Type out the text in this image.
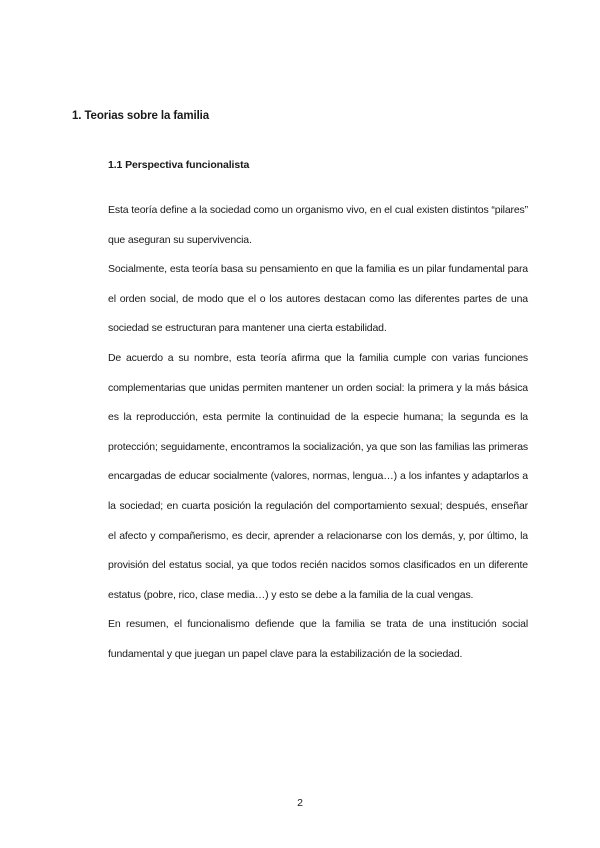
1. Teorias sobre la familia
1.1 Perspectiva funcionalista

Esta teoría define a la sociedad como un organismo vivo, en el cual existen distintos “pilares” que aseguran su supervivencia.

Socialmente, esta teoría basa su pensamiento en que la familia es un pilar fundamental para el orden social, de modo que el o los autores destacan como las diferentes partes de una sociedad se estructuran para mantener una cierta estabilidad.

De acuerdo a su nombre, esta teoría afirma que la familia cumple con varias funciones complementarias que unidas permiten mantener un orden social: la primera y la más básica es la reproducción, esta permite la continuidad de la especie humana; la segunda es la protección; seguidamente, encontramos la socialización, ya que son las familias las primeras encargadas de educar socialmente (valores, normas, lengua…) a los infantes y adaptarlos a la sociedad; en cuarta posición la regulación del comportamiento sexual; después, enseñar el afecto y compañerismo, es decir, aprender a relacionarse con los demás, y, por último, la provisión del estatus social, ya que todos recién nacidos somos clasificados en un diferente estatus (pobre, rico, clase media…) y esto se debe a la familia de la cual vengas.

En resumen, el funcionalismo defiende que la familia se trata de una institución social fundamental y que juegan un papel clave para la estabilización de la sociedad.

2
